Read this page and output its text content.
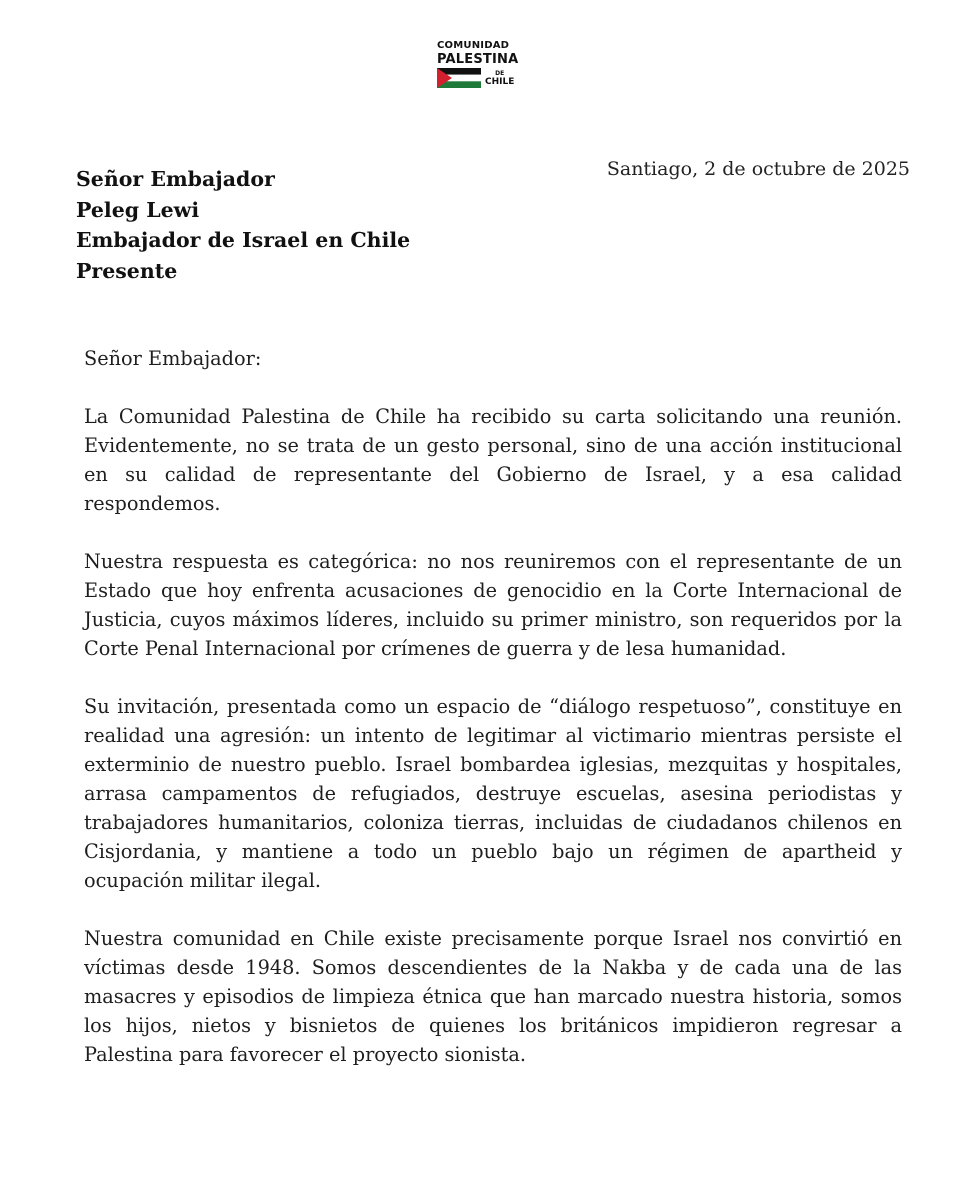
COMUNIDAD
PALESTINA
DE
CHILE
Santiago, 2 de octubre de 2025
Señor Embajador
Peleg Lewi
Embajador de Israel en Chile
Presente

Señor Embajador:

La Comunidad Palestina de Chile ha recibido su carta solicitando una reunión. Evidentemente, no se trata de un gesto personal, sino de una acción institucional en su calidad de representante del Gobierno de Israel, y a esa calidad respondemos.

Nuestra respuesta es categórica: no nos reuniremos con el representante de un Estado que hoy enfrenta acusaciones de genocidio en la Corte Internacional de Justicia, cuyos máximos líderes, incluido su primer ministro, son requeridos por la Corte Penal Internacional por crímenes de guerra y de lesa humanidad.

Su invitación, presentada como un espacio de “diálogo respetuoso”, constituye en realidad una agresión: un intento de legitimar al victimario mientras persiste el exterminio de nuestro pueblo. Israel bombardea iglesias, mezquitas y hospitales, arrasa campamentos de refugiados, destruye escuelas, asesina periodistas y trabajadores humanitarios, coloniza tierras, incluidas de ciudadanos chilenos en Cisjordania, y mantiene a todo un pueblo bajo un régimen de apartheid y ocupación militar ilegal.

Nuestra comunidad en Chile existe precisamente porque Israel nos convirtió en víctimas desde 1948. Somos descendientes de la Nakba y de cada una de las masacres y episodios de limpieza étnica que han marcado nuestra historia, somos los hijos, nietos y bisnietos de quienes los británicos impidieron regresar a Palestina para favorecer el proyecto sionista.
